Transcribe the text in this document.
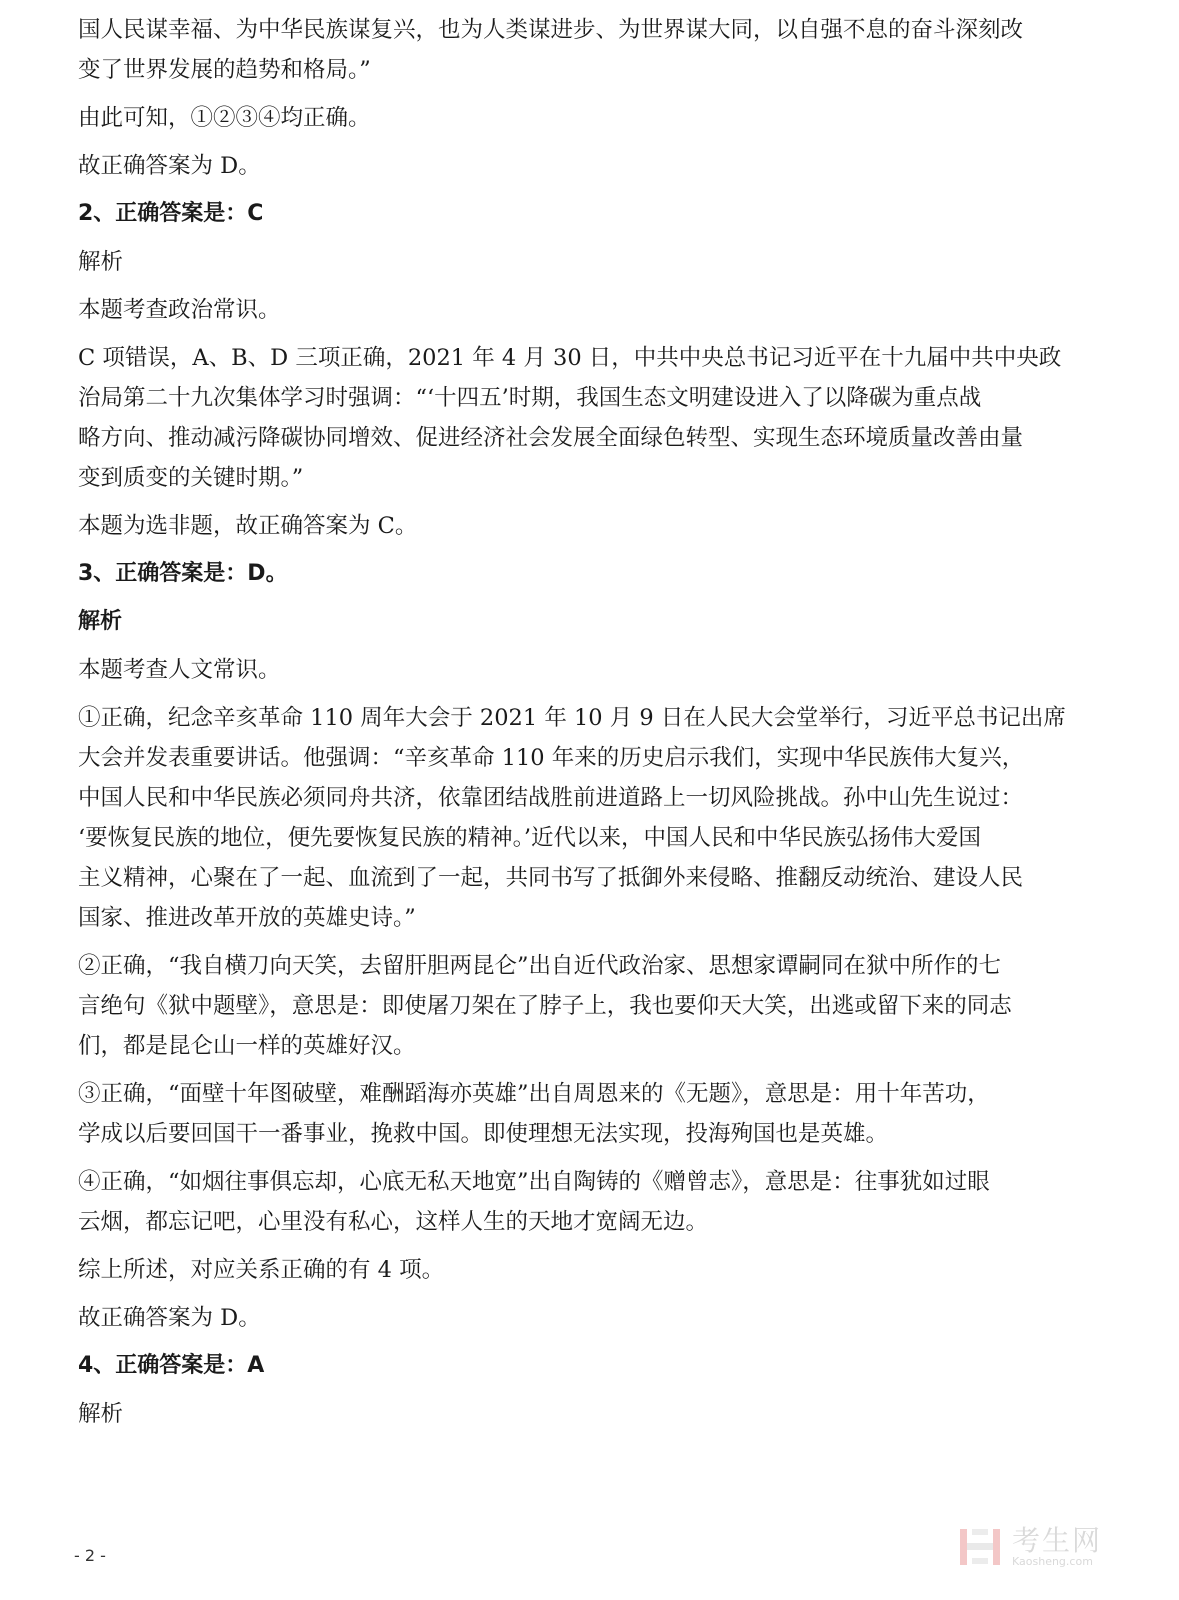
国人民谋幸福、为中华民族谋复兴，也为人类谋进步、为世界谋大同，以自强不息的奋斗深刻改

变了世界发展的趋势和格局。”

由此可知，①②③④均正确。

故正确答案为 D。

2、正确答案是：C

解析

本题考查政治常识。

C 项错误，A、B、D 三项正确，2021 年 4 月 30 日，中共中央总书记习近平在十九届中共中央政

治局第二十九次集体学习时强调：“‘十四五’时期，我国生态文明建设进入了以降碳为重点战

略方向、推动减污降碳协同增效、促进经济社会发展全面绿色转型、实现生态环境质量改善由量

变到质变的关键时期。”

本题为选非题，故正确答案为 C。

3、正确答案是：D。

解析

本题考查人文常识。

①正确，纪念辛亥革命 110 周年大会于 2021 年 10 月 9 日在人民大会堂举行，习近平总书记出席

大会并发表重要讲话。他强调：“辛亥革命 110 年来的历史启示我们，实现中华民族伟大复兴，

中国人民和中华民族必须同舟共济，依靠团结战胜前进道路上一切风险挑战。孙中山先生说过：

‘要恢复民族的地位，便先要恢复民族的精神。’近代以来，中国人民和中华民族弘扬伟大爱国

主义精神，心聚在了一起、血流到了一起，共同书写了抵御外来侵略、推翻反动统治、建设人民

国家、推进改革开放的英雄史诗。”

②正确，“我自横刀向天笑，去留肝胆两昆仑”出自近代政治家、思想家谭嗣同在狱中所作的七

言绝句《狱中题壁》，意思是：即使屠刀架在了脖子上，我也要仰天大笑，出逃或留下来的同志

们，都是昆仑山一样的英雄好汉。

③正确，“面壁十年图破壁，难酬蹈海亦英雄”出自周恩来的《无题》，意思是：用十年苦功，

学成以后要回国干一番事业，挽救中国。即使理想无法实现，投海殉国也是英雄。

④正确，“如烟往事俱忘却，心底无私天地宽”出自陶铸的《赠曾志》，意思是：往事犹如过眼

云烟，都忘记吧，心里没有私心，这样人生的天地才宽阔无边。

综上所述，对应关系正确的有 4 项。

故正确答案为 D。

4、正确答案是：A

解析

- 2 -	考生网
Kaosheng.com
